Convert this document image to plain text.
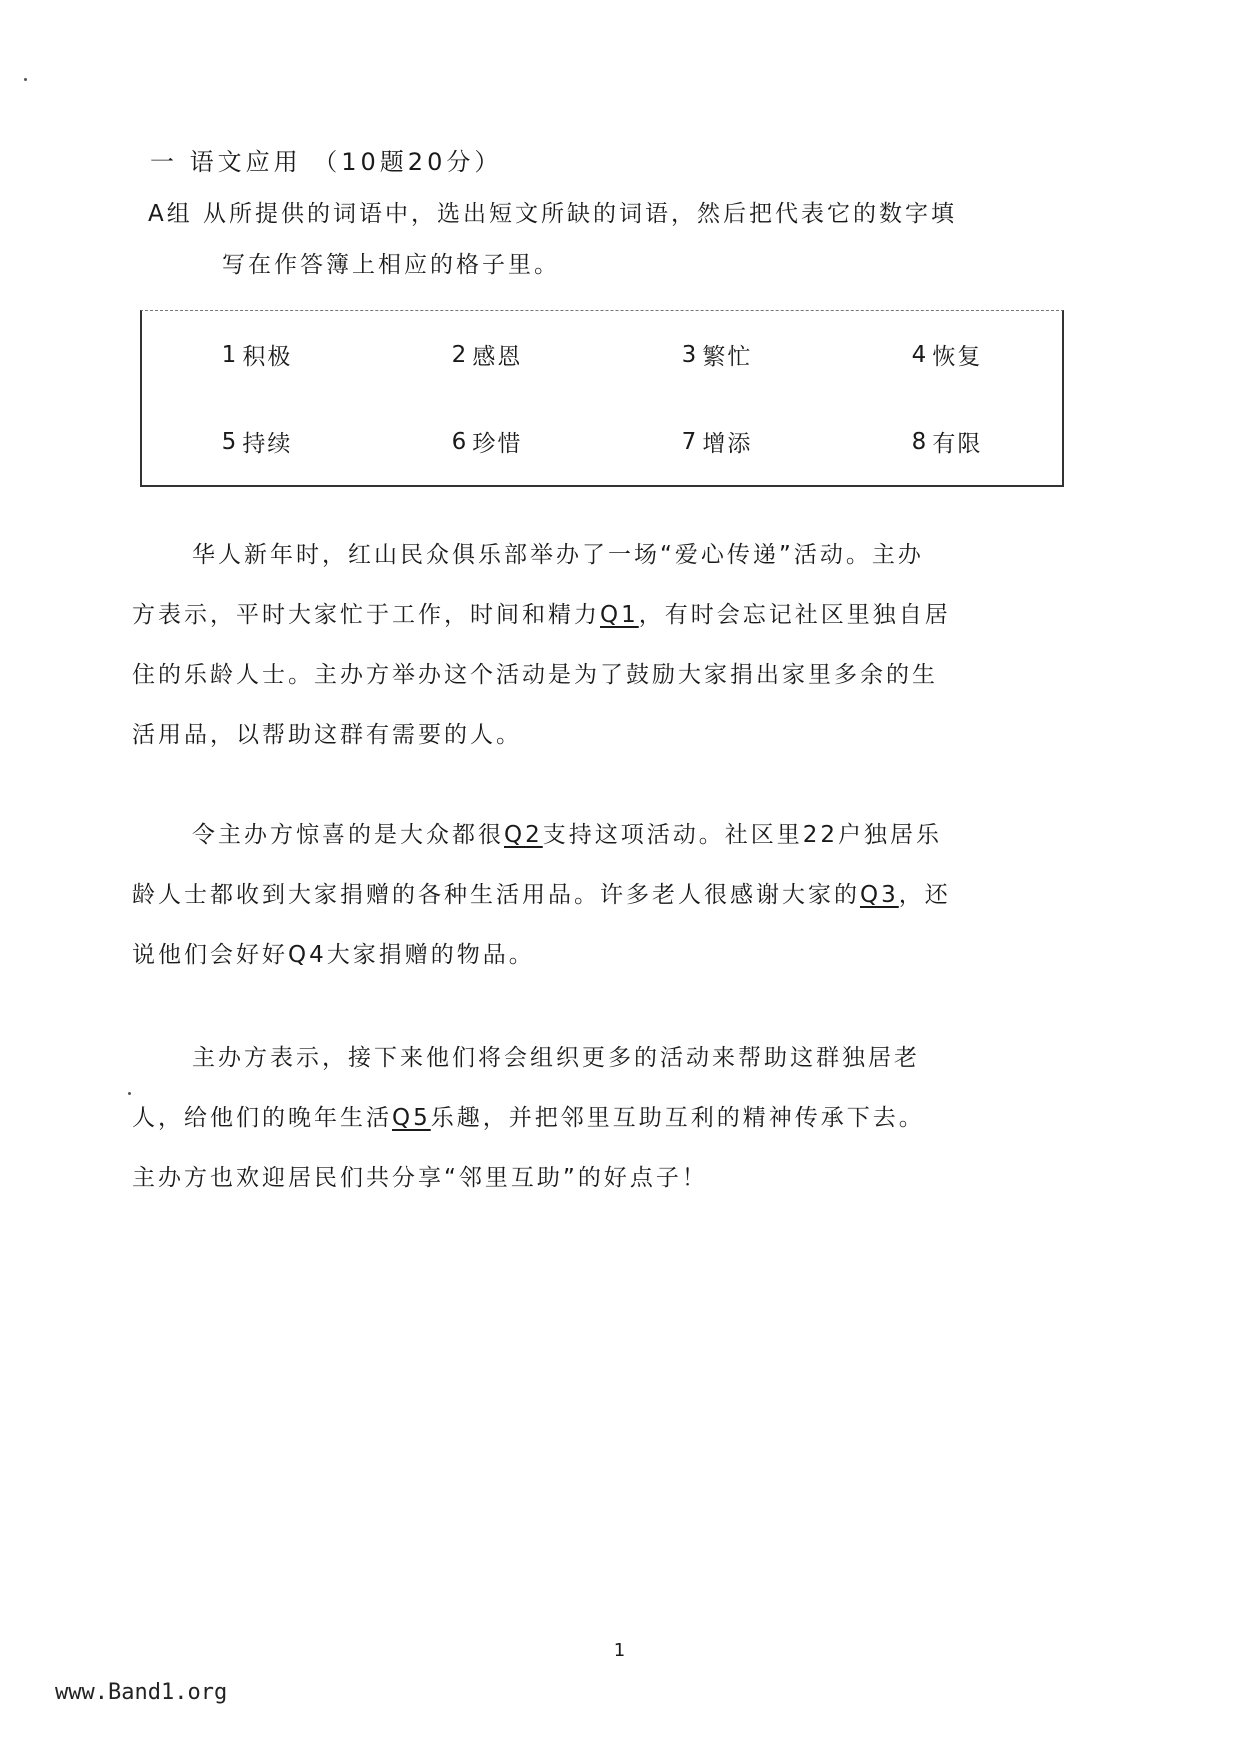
一 语文应用 （10题20分）
A组 从所提供的词语中，选出短文所缺的词语，然后把代表它的数字填
写在作答簿上相应的格子里。
1 积极	2 感恩	3 繁忙	4 恢复
5 持续	6 珍惜	7 增添	8 有限
华人新年时，红山民众俱乐部举办了一场“爱心传递”活动。主办
方表示，平时大家忙于工作，时间和精力Q1，有时会忘记社区里独自居
住的乐龄人士。主办方举办这个活动是为了鼓励大家捐出家里多余的生
活用品，以帮助这群有需要的人。
令主办方惊喜的是大众都很Q2支持这项活动。社区里22户独居乐
龄人士都收到大家捐赠的各种生活用品。许多老人很感谢大家的Q3，还
说他们会好好Q4大家捐赠的物品。
主办方表示，接下来他们将会组织更多的活动来帮助这群独居老
人，给他们的晚年生活Q5乐趣，并把邻里互助互利的精神传承下去。
主办方也欢迎居民们共分享“邻里互助”的好点子！
1
www.Band1.org
